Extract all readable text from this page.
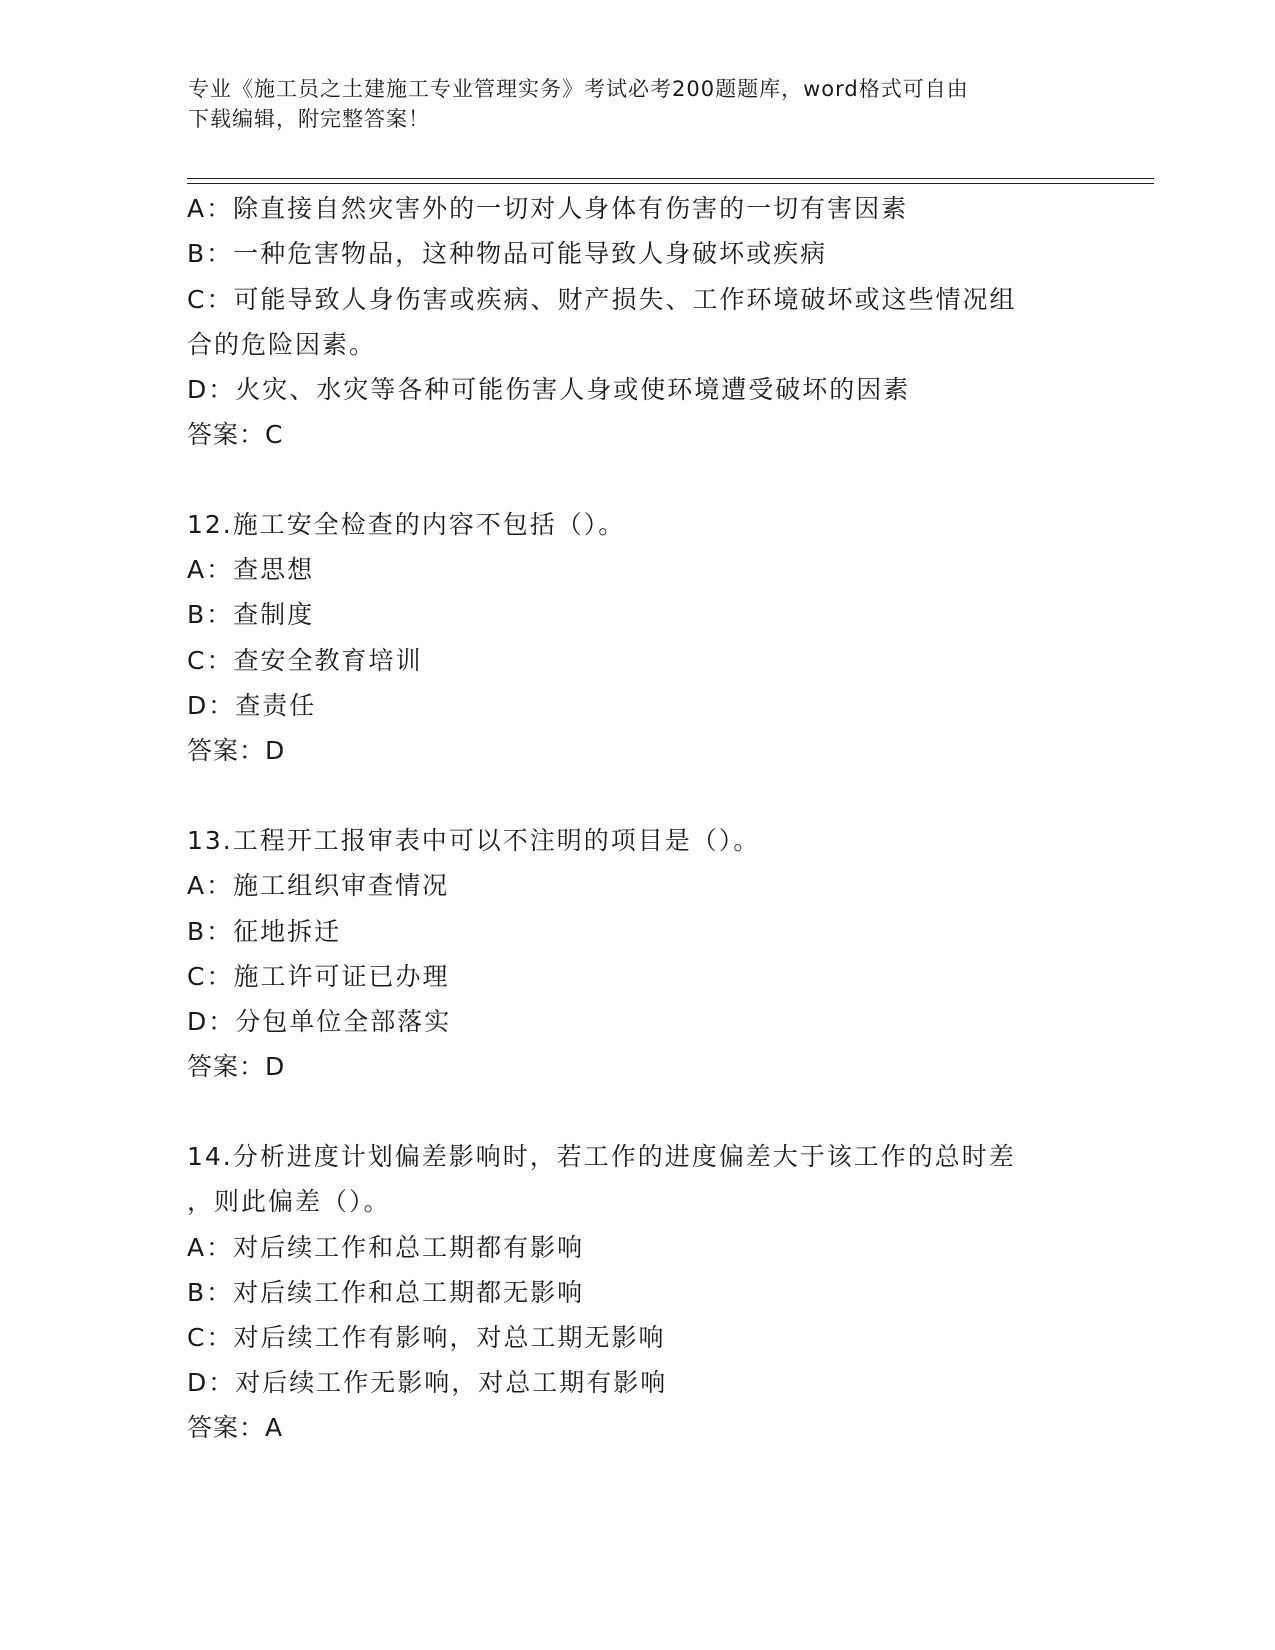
专业《施工员之土建施工专业管理实务》考试必考200题题库，word格式可自由
下载编辑，附完整答案！
A：除直接自然灾害外的一切对人身体有伤害的一切有害因素
B：一种危害物品，这种物品可能导致人身破坏或疾病
C：可能导致人身伤害或疾病、财产损失、工作环境破坏或这些情况组
合的危险因素。
D：火灾、水灾等各种可能伤害人身或使环境遭受破坏的因素
答案：C
12.施工安全检查的内容不包括（）。
A：查思想
B：查制度
C：查安全教育培训
D：查责任
答案：D
13.工程开工报审表中可以不注明的项目是（）。
A：施工组织审查情况
B：征地拆迁
C：施工许可证已办理
D：分包单位全部落实
答案：D
14.分析进度计划偏差影响时，若工作的进度偏差大于该工作的总时差
，则此偏差（）。
A：对后续工作和总工期都有影响
B：对后续工作和总工期都无影响
C：对后续工作有影响，对总工期无影响
D：对后续工作无影响，对总工期有影响
答案：A
